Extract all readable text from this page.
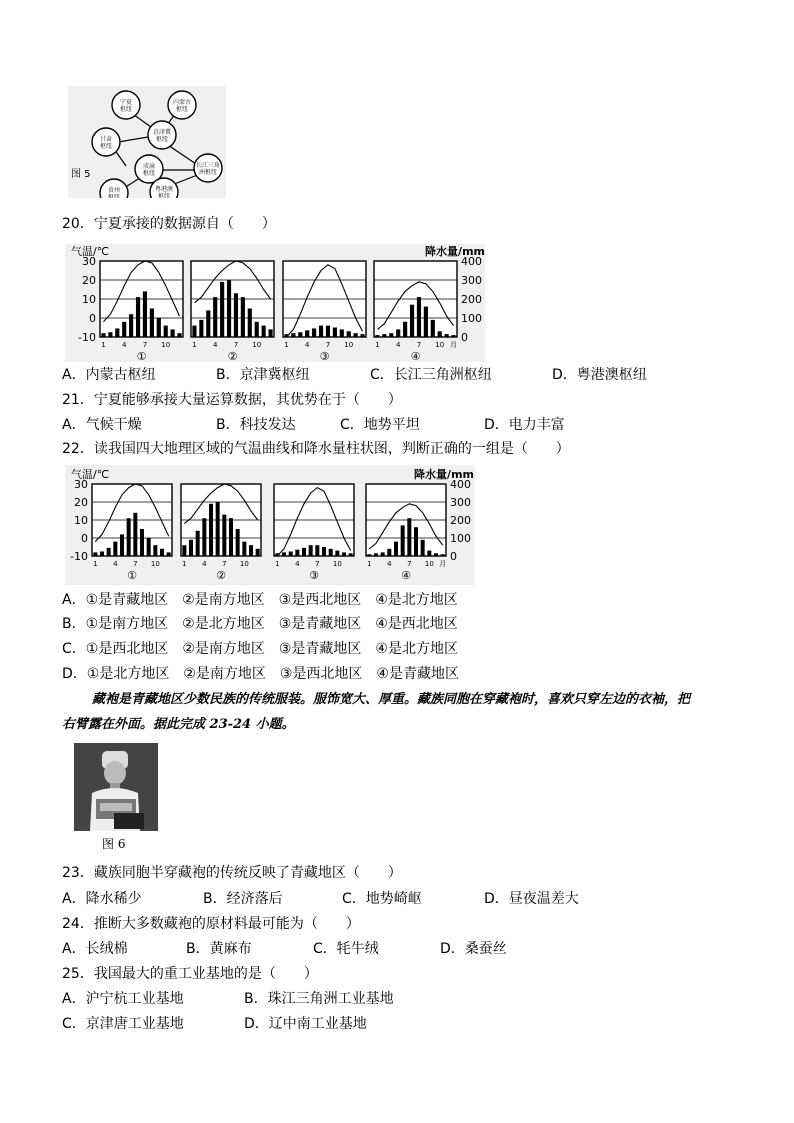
宁夏
枢纽
内蒙古
枢纽
京津冀
枢纽
甘肃
枢纽
成渝
枢纽
长江三角
洲枢纽
贵州
枢纽
粤港澳
枢纽
图 5
20．宁夏承接的数据源自（　　）
气温/℃	降水量/mm
30
20
10
0
-10
400
300
200
100
0
1 4 7 10
①
1 4 7 10
②
1 4 7 10
③
1 4 7 10 月
④
A．内蒙古枢纽	B．京津冀枢纽	C．长江三角洲枢纽	D．粤港澳枢纽
21．宁夏能够承接大量运算数据，其优势在于（　　）
A．气候干燥	B．科技发达	C．地势平坦	D．电力丰富
22．读我国四大地理区域的气温曲线和降水量柱状图，判断正确的一组是（　　）
气温/℃	降水量/mm
30
20
10
0
-10
400
300
200
100
0
1 4 7 10
①
1 4 7 10
②
1 4 7 10
③
1 4 7 10 月
④
A．①是青藏地区　②是南方地区　③是西北地区　④是北方地区
B．①是南方地区　②是北方地区　③是青藏地区　④是西北地区
C．①是西北地区　②是南方地区　③是青藏地区　④是北方地区
D．①是北方地区　②是南方地区　③是西北地区　④是青藏地区
藏袍是青藏地区少数民族的传统服装。服饰宽大、厚重。藏族同胞在穿藏袍时，喜欢只穿左边的衣袖，把
右臂露在外面。据此完成 23-24 小题。
图 6
23．藏族同胞半穿藏袍的传统反映了青藏地区（　　）
A．降水稀少	B．经济落后	C．地势崎岖	D．昼夜温差大
24．推断大多数藏袍的原材料最可能为（　　）
A．长绒棉	B．黄麻布	C．牦牛绒	D．桑蚕丝
25．我国最大的重工业基地的是（　　）
A．沪宁杭工业基地	B．珠江三角洲工业基地
C．京津唐工业基地	D．辽中南工业基地
